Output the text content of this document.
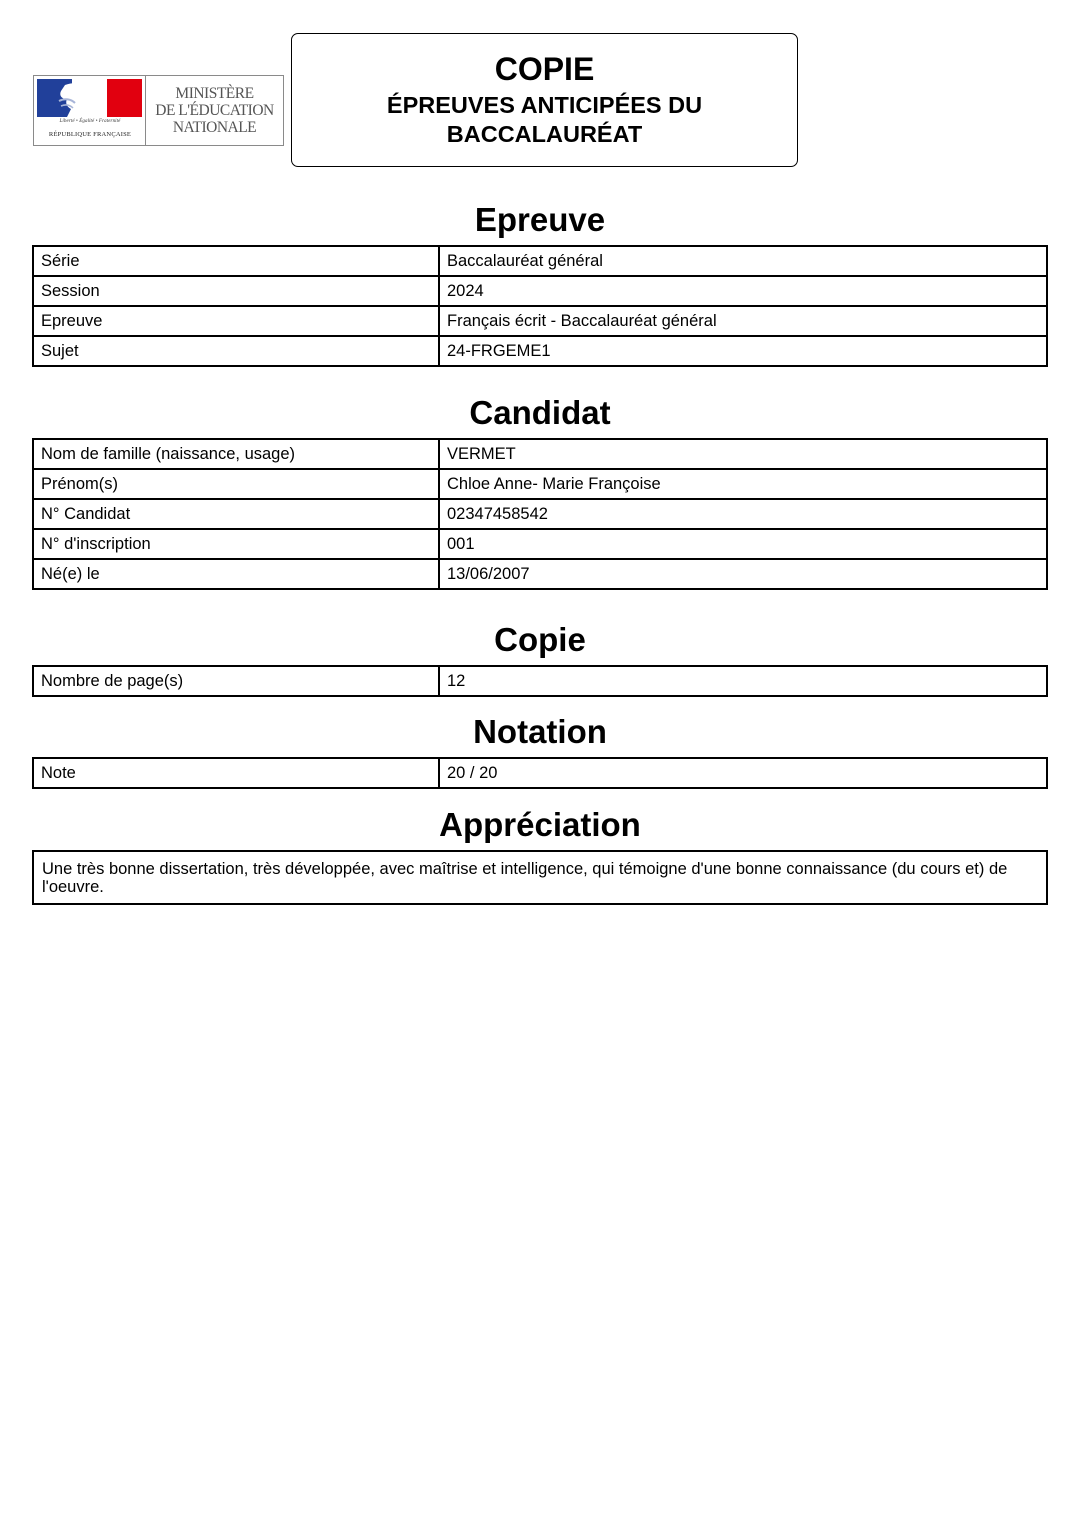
Liberté • Égalité • Fraternité
RÉPUBLIQUE FRANÇAISE
MINISTÈRE
DE L'ÉDUCATION
NATIONALE
COPIE
ÉPREUVES ANTICIPÉES DU
BACCALAURÉAT
Epreuve
Série	Baccalauréat général
Session	2024
Epreuve	Français écrit - Baccalauréat général
Sujet	24-FRGEME1
Candidat
Nom de famille (naissance, usage)	VERMET
Prénom(s)	Chloe Anne- Marie Françoise
N° Candidat	02347458542
N° d'inscription	001
Né(e) le	13/06/2007
Copie
Nombre de page(s)	12
Notation
Note	20 / 20
Appréciation
Une très bonne dissertation, très développée, avec maîtrise et intelligence, qui témoigne d'une bonne connaissance (du cours et) de l'oeuvre.
